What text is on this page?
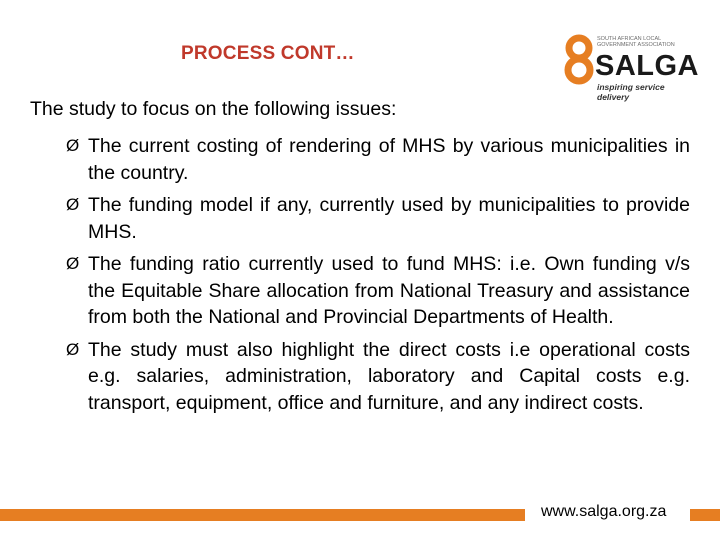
PROCESS CONT…
SOUTH AFRICAN LOCAL GOVERNMENT ASSOCIATION
SALGA
inspiring service delivery
The study to focus on the following issues:
Ø The current costing of rendering of MHS by various municipalities in the country.
Ø The funding model if any, currently used by municipalities to provide MHS.
Ø The funding ratio currently used to fund MHS: i.e. Own funding v/s the Equitable Share allocation from National Treasury and assistance from both the National and Provincial Departments of Health.
Ø The study must also highlight the direct costs i.e operational costs e.g. salaries, administration, laboratory and Capital costs e.g. transport, equipment, office and furniture, and any indirect costs.
www.salga.org.za
